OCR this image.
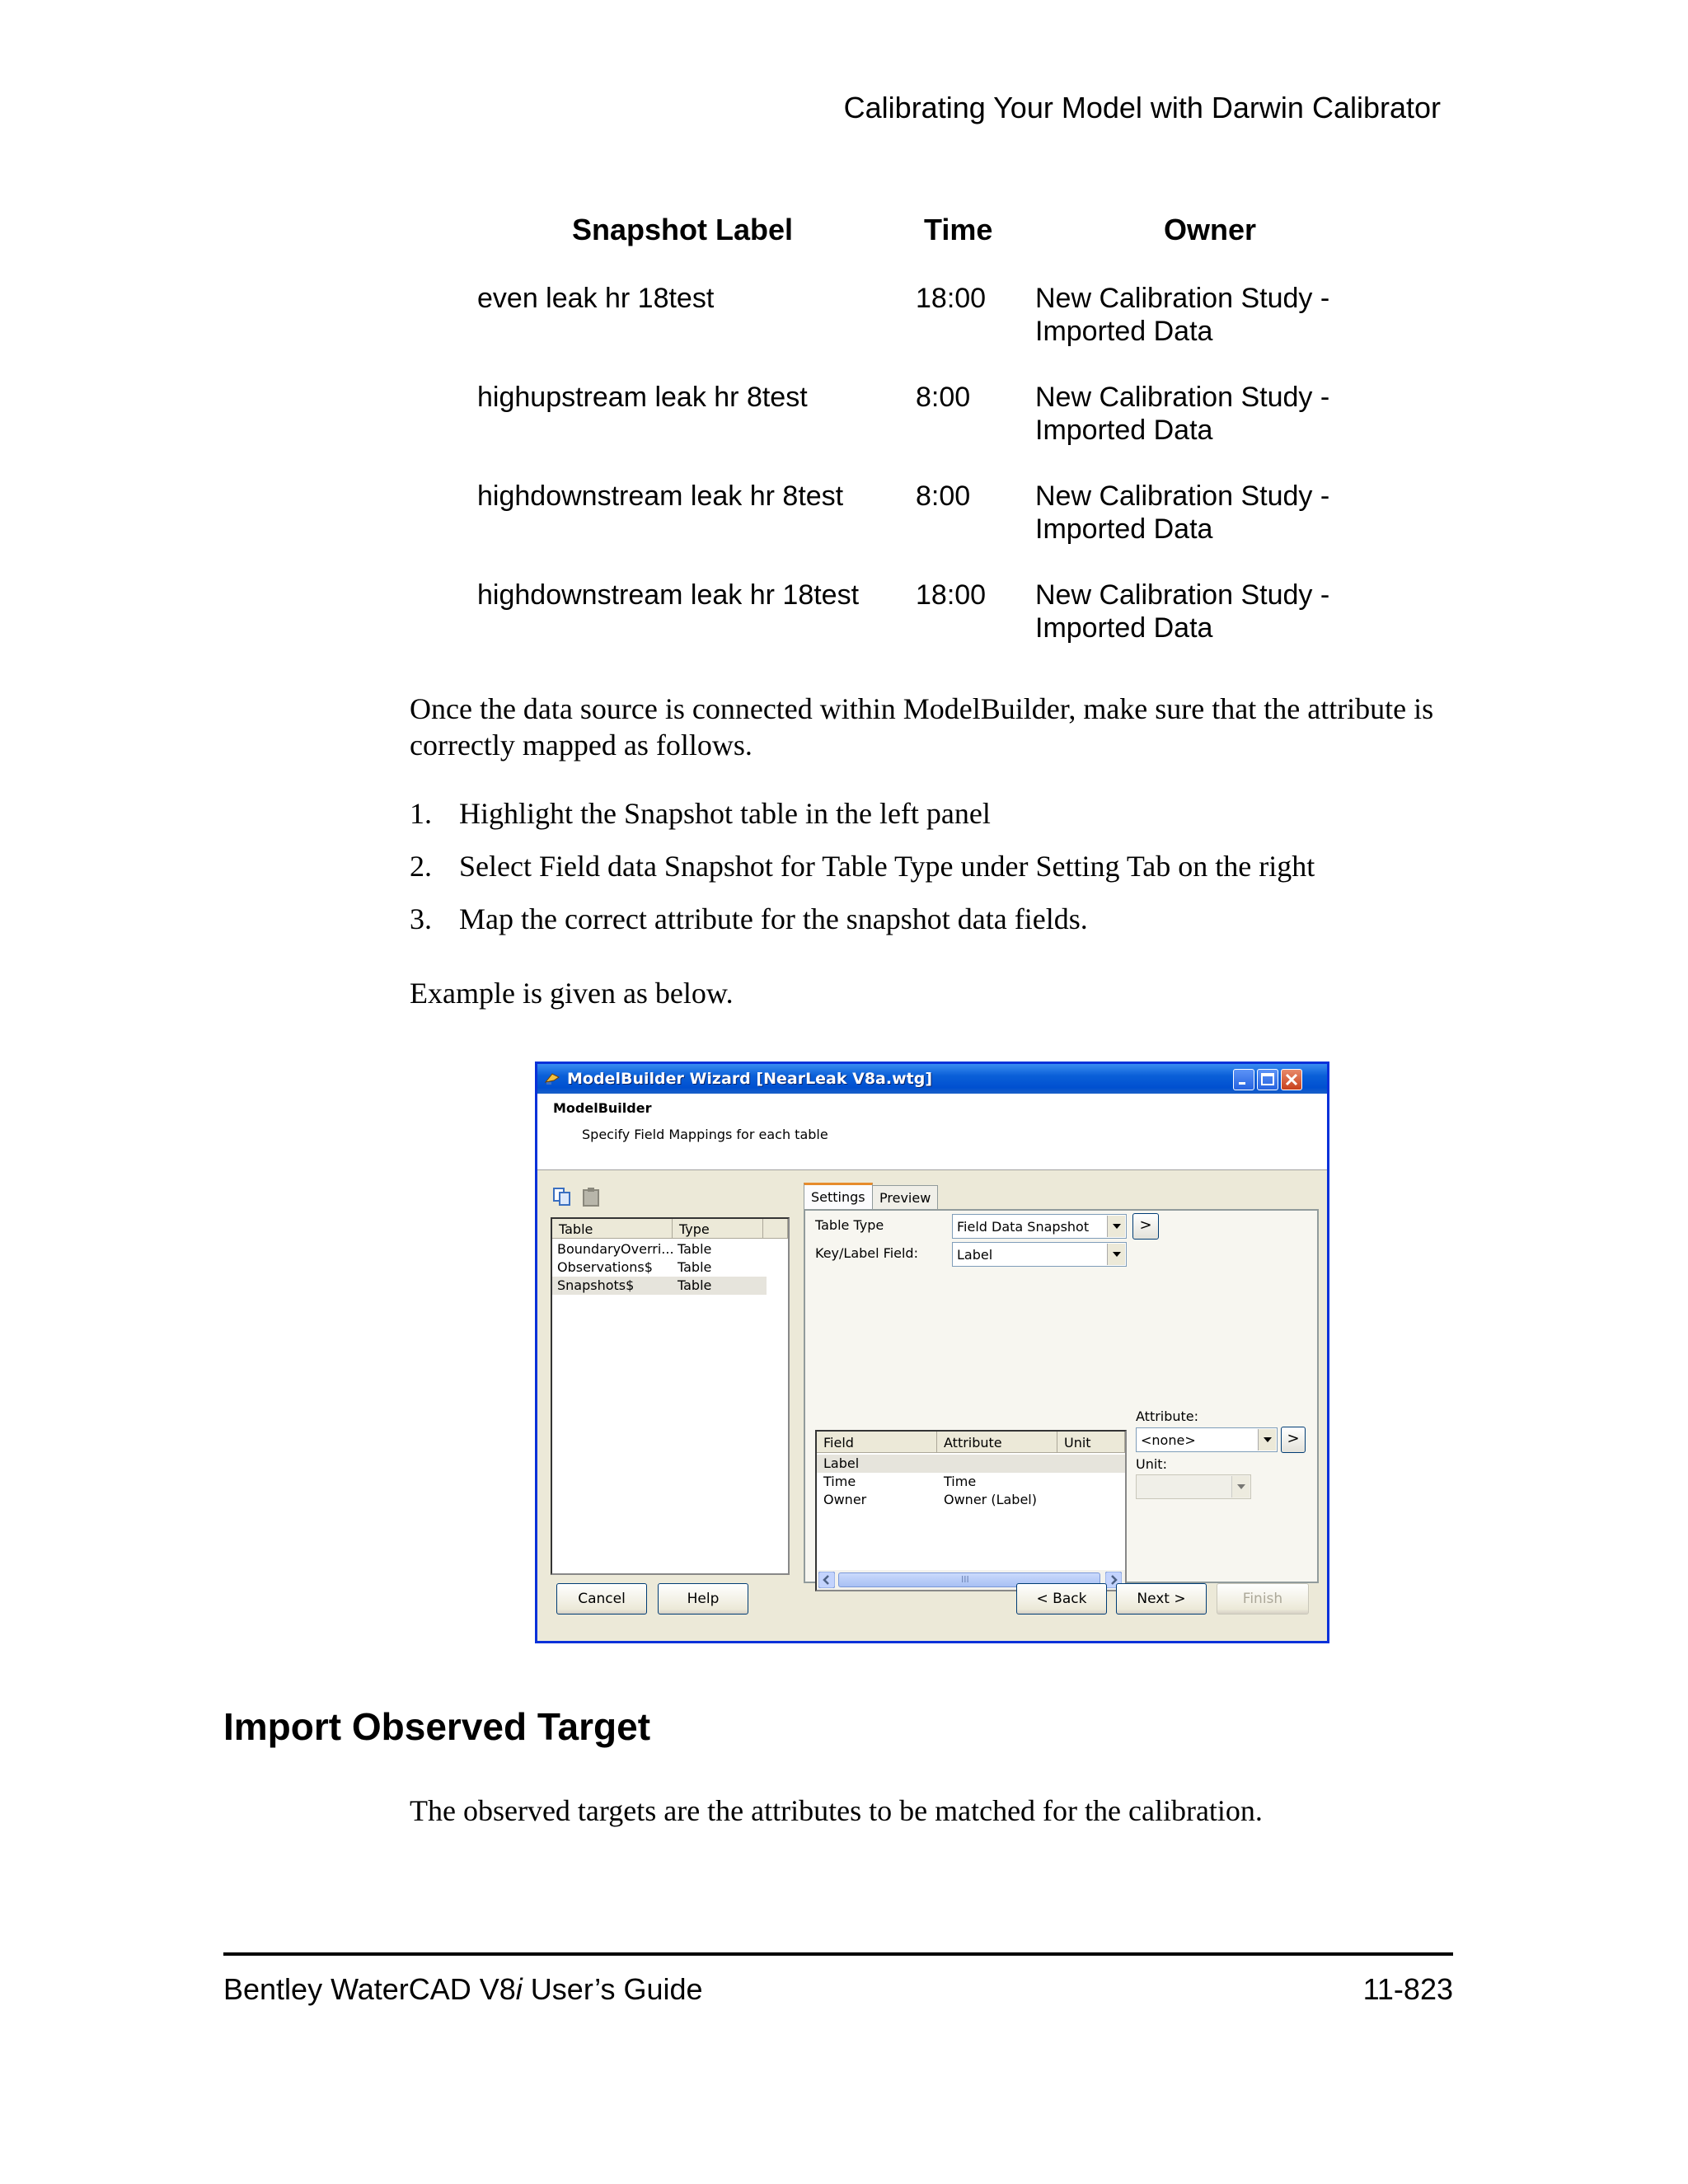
Calibrating Your Model with Darwin Calibrator
Snapshot Label	Time	Owner
even leak hr 18test	18:00 New Calibration Study -
Imported Data
highupstream leak hr 8test	8:00 New Calibration Study -
Imported Data
highdownstream leak hr 8test	8:00 New Calibration Study -
Imported Data
highdownstream leak hr 18test 18:00 New Calibration Study -
Imported Data
Once the data source is connected within ModelBuilder, make sure that the attribute is correctly mapped as follows.
1. Highlight the Snapshot table in the left panel
2. Select Field data Snapshot for Table Type under Setting Tab on the right
3. Map the correct attribute for the snapshot data fields.
Example is given as below.
ModelBuilder Wizard [NearLeak V8a.wtg]
ModelBuilder
Specify Field Mappings for each table
Table	Type
BoundaryOverri... Table
Observations$ Table
Snapshots$	Table
Settings	Preview
Table Type	Field Data Snapshot	>
Key/Label Field:	Label
Field	Attribute	Unit
Label
Time	Time
Owner	Owner (Label)
III
Attribute:
<none>	>
Unit:
Cancel	Help	< Back	Next >	Finish
Import Observed Target
The observed targets are the attributes to be matched for the calibration.
Bentley WaterCAD V8i User’s Guide	11-823
